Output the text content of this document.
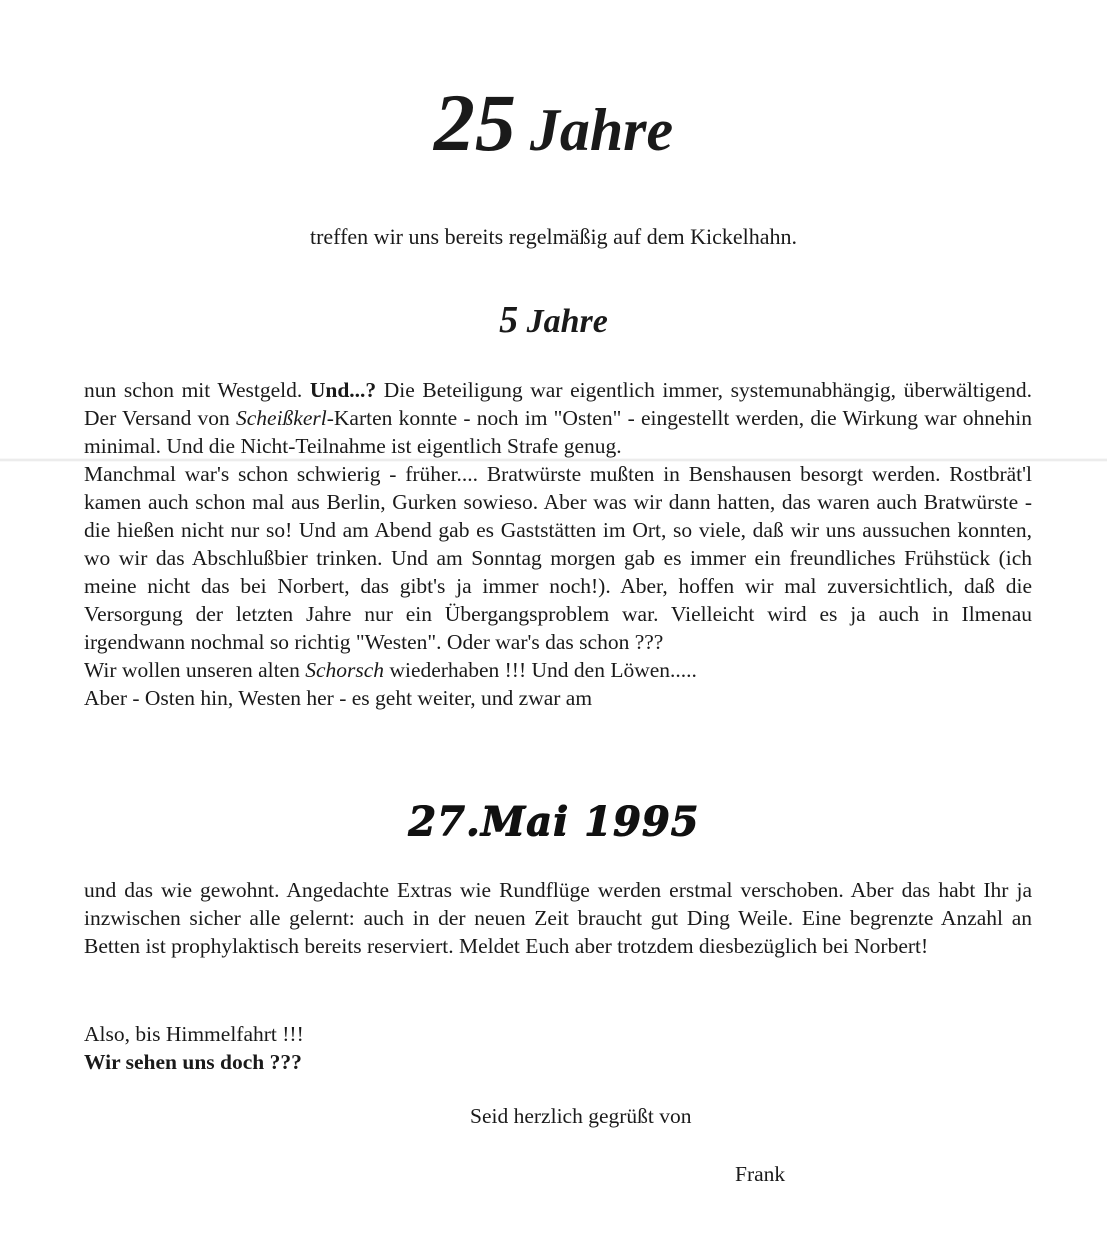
25 Jahre
treffen wir uns bereits regelmäßig auf dem Kickelhahn.
5 Jahre

nun schon mit Westgeld. Und...? Die Beteiligung war eigentlich immer, systemunabhängig, überwältigend. Der Versand von Scheißkerl-Karten konnte - noch im "Osten" - eingestellt werden, die Wirkung war ohnehin minimal. Und die Nicht-Teilnahme ist eigentlich Strafe genug.
Manchmal war's schon schwierig - früher.... Bratwürste mußten in Benshausen besorgt werden. Rostbrät'l kamen auch schon mal aus Berlin, Gurken sowieso. Aber was wir dann hatten, das waren auch Bratwürste - die hießen nicht nur so! Und am Abend gab es Gaststätten im Ort, so viele, daß wir uns aussuchen konnten, wo wir das Abschlußbier trinken. Und am Sonntag morgen gab es immer ein freundliches Frühstück (ich meine nicht das bei Norbert, das gibt's ja immer noch!). Aber, hoffen wir mal zuversichtlich, daß die Versorgung der letzten Jahre nur ein Übergangsproblem war. Vielleicht wird es ja auch in Ilmenau irgendwann nochmal so richtig "Westen". Oder war's das schon ???
Wir wollen unseren alten Schorsch wiederhaben !!! Und den Löwen.....
Aber - Osten hin, Westen her - es geht weiter, und zwar am

27.Mai 1995

und das wie gewohnt. Angedachte Extras wie Rundflüge werden erstmal verschoben. Aber das habt Ihr ja inzwischen sicher alle gelernt: auch in der neuen Zeit braucht gut Ding Weile. Eine begrenzte Anzahl an Betten ist prophylaktisch bereits reserviert. Meldet Euch aber trotzdem diesbezüglich bei Norbert!

Also, bis Himmelfahrt !!!
Wir sehen uns doch ???
Seid herzlich gegrüßt von
Frank
